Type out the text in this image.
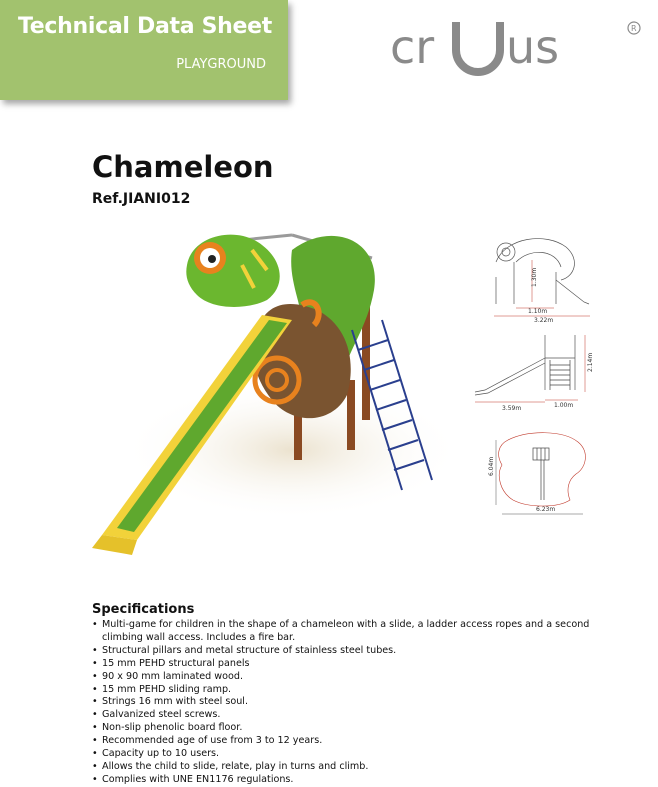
Technical Data Sheet
PLAYGROUND	cr us	R
Chameleon
Ref.JIANI012
1.30m
1.10m
3.22m
2.14m
3.59m	1.00m
6.04m
6.23m
Specifications
• Multi-game for children in the shape of a chameleon with a slide, a ladder access ropes and a second climbing wall access. Includes a fire bar.
• Structural pillars and metal structure of stainless steel tubes.
• 15 mm PEHD structural panels
• 90 x 90 mm laminated wood.
• 15 mm PEHD sliding ramp.
• Strings 16 mm with steel soul.
• Galvanized steel screws.
• Non-slip phenolic board floor.
• Recommended age of use from 3 to 12 years.
• Capacity up to 10 users.
• Allows the child to slide, relate, play in turns and climb.
• Complies with UNE EN1176 regulations.
